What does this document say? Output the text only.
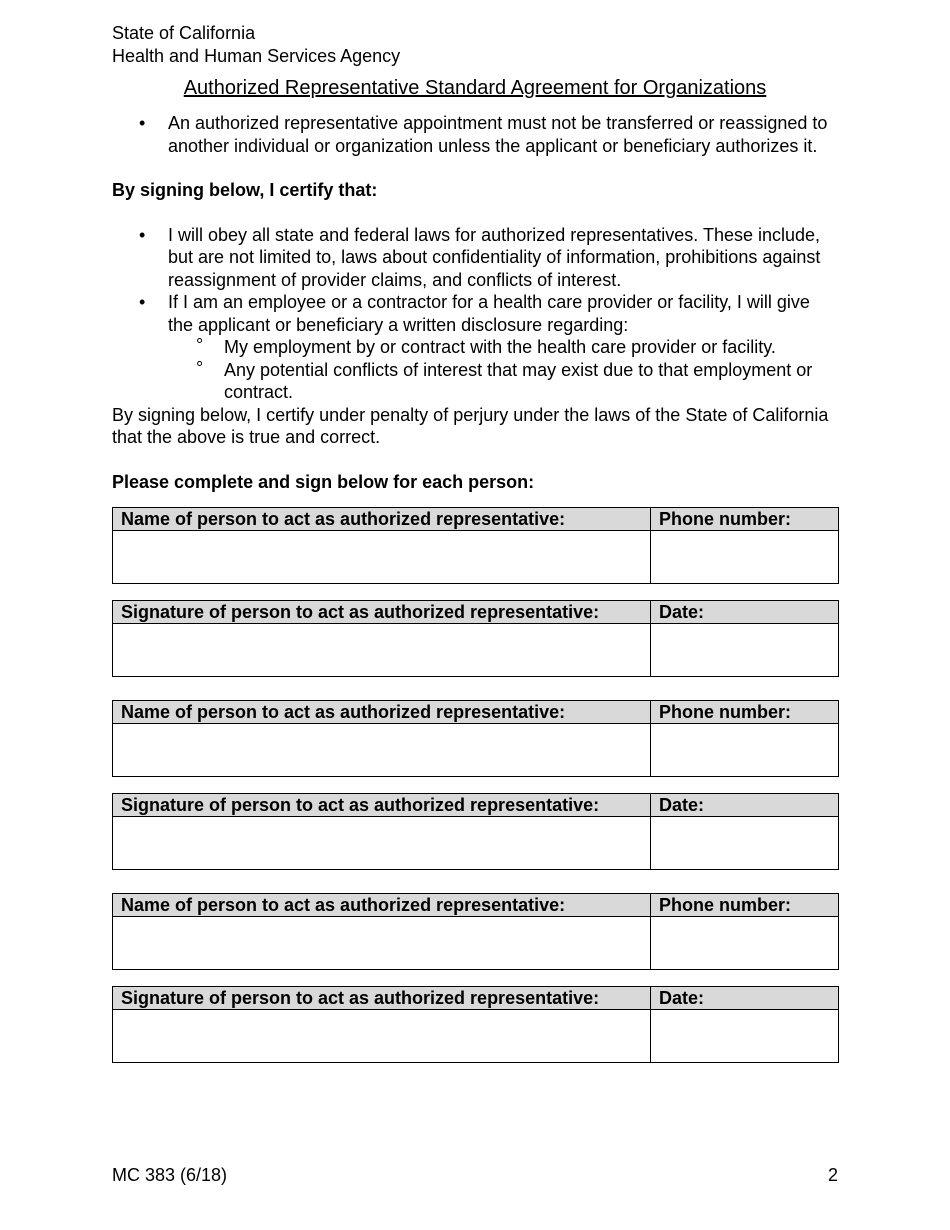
State of California
Health and Human Services Agency
Authorized Representative Standard Agreement for Organizations
• An authorized representative appointment must not be transferred or reassigned to another individual or organization unless the applicant or beneficiary authorizes it.
By signing below, I certify that:
• I will obey all state and federal laws for authorized representatives. These include, but are not limited to, laws about confidentiality of information, prohibitions against reassignment of provider claims, and conflicts of interest.
• If I am an employee or a contractor for a health care provider or facility, I will give the applicant or beneficiary a written disclosure regarding:
° My employment by or contract with the health care provider or facility.
° Any potential conflicts of interest that may exist due to that employment or contract.
By signing below, I certify under penalty of perjury under the laws of the State of California that the above is true and correct.
Please complete and sign below for each person:
Name of person to act as authorized representative:	Phone number:

Signature of person to act as authorized representative:	Date:

Name of person to act as authorized representative:	Phone number:

Signature of person to act as authorized representative:	Date:

Name of person to act as authorized representative:	Phone number:

Signature of person to act as authorized representative:	Date:

MC 383 (6/18)	2
